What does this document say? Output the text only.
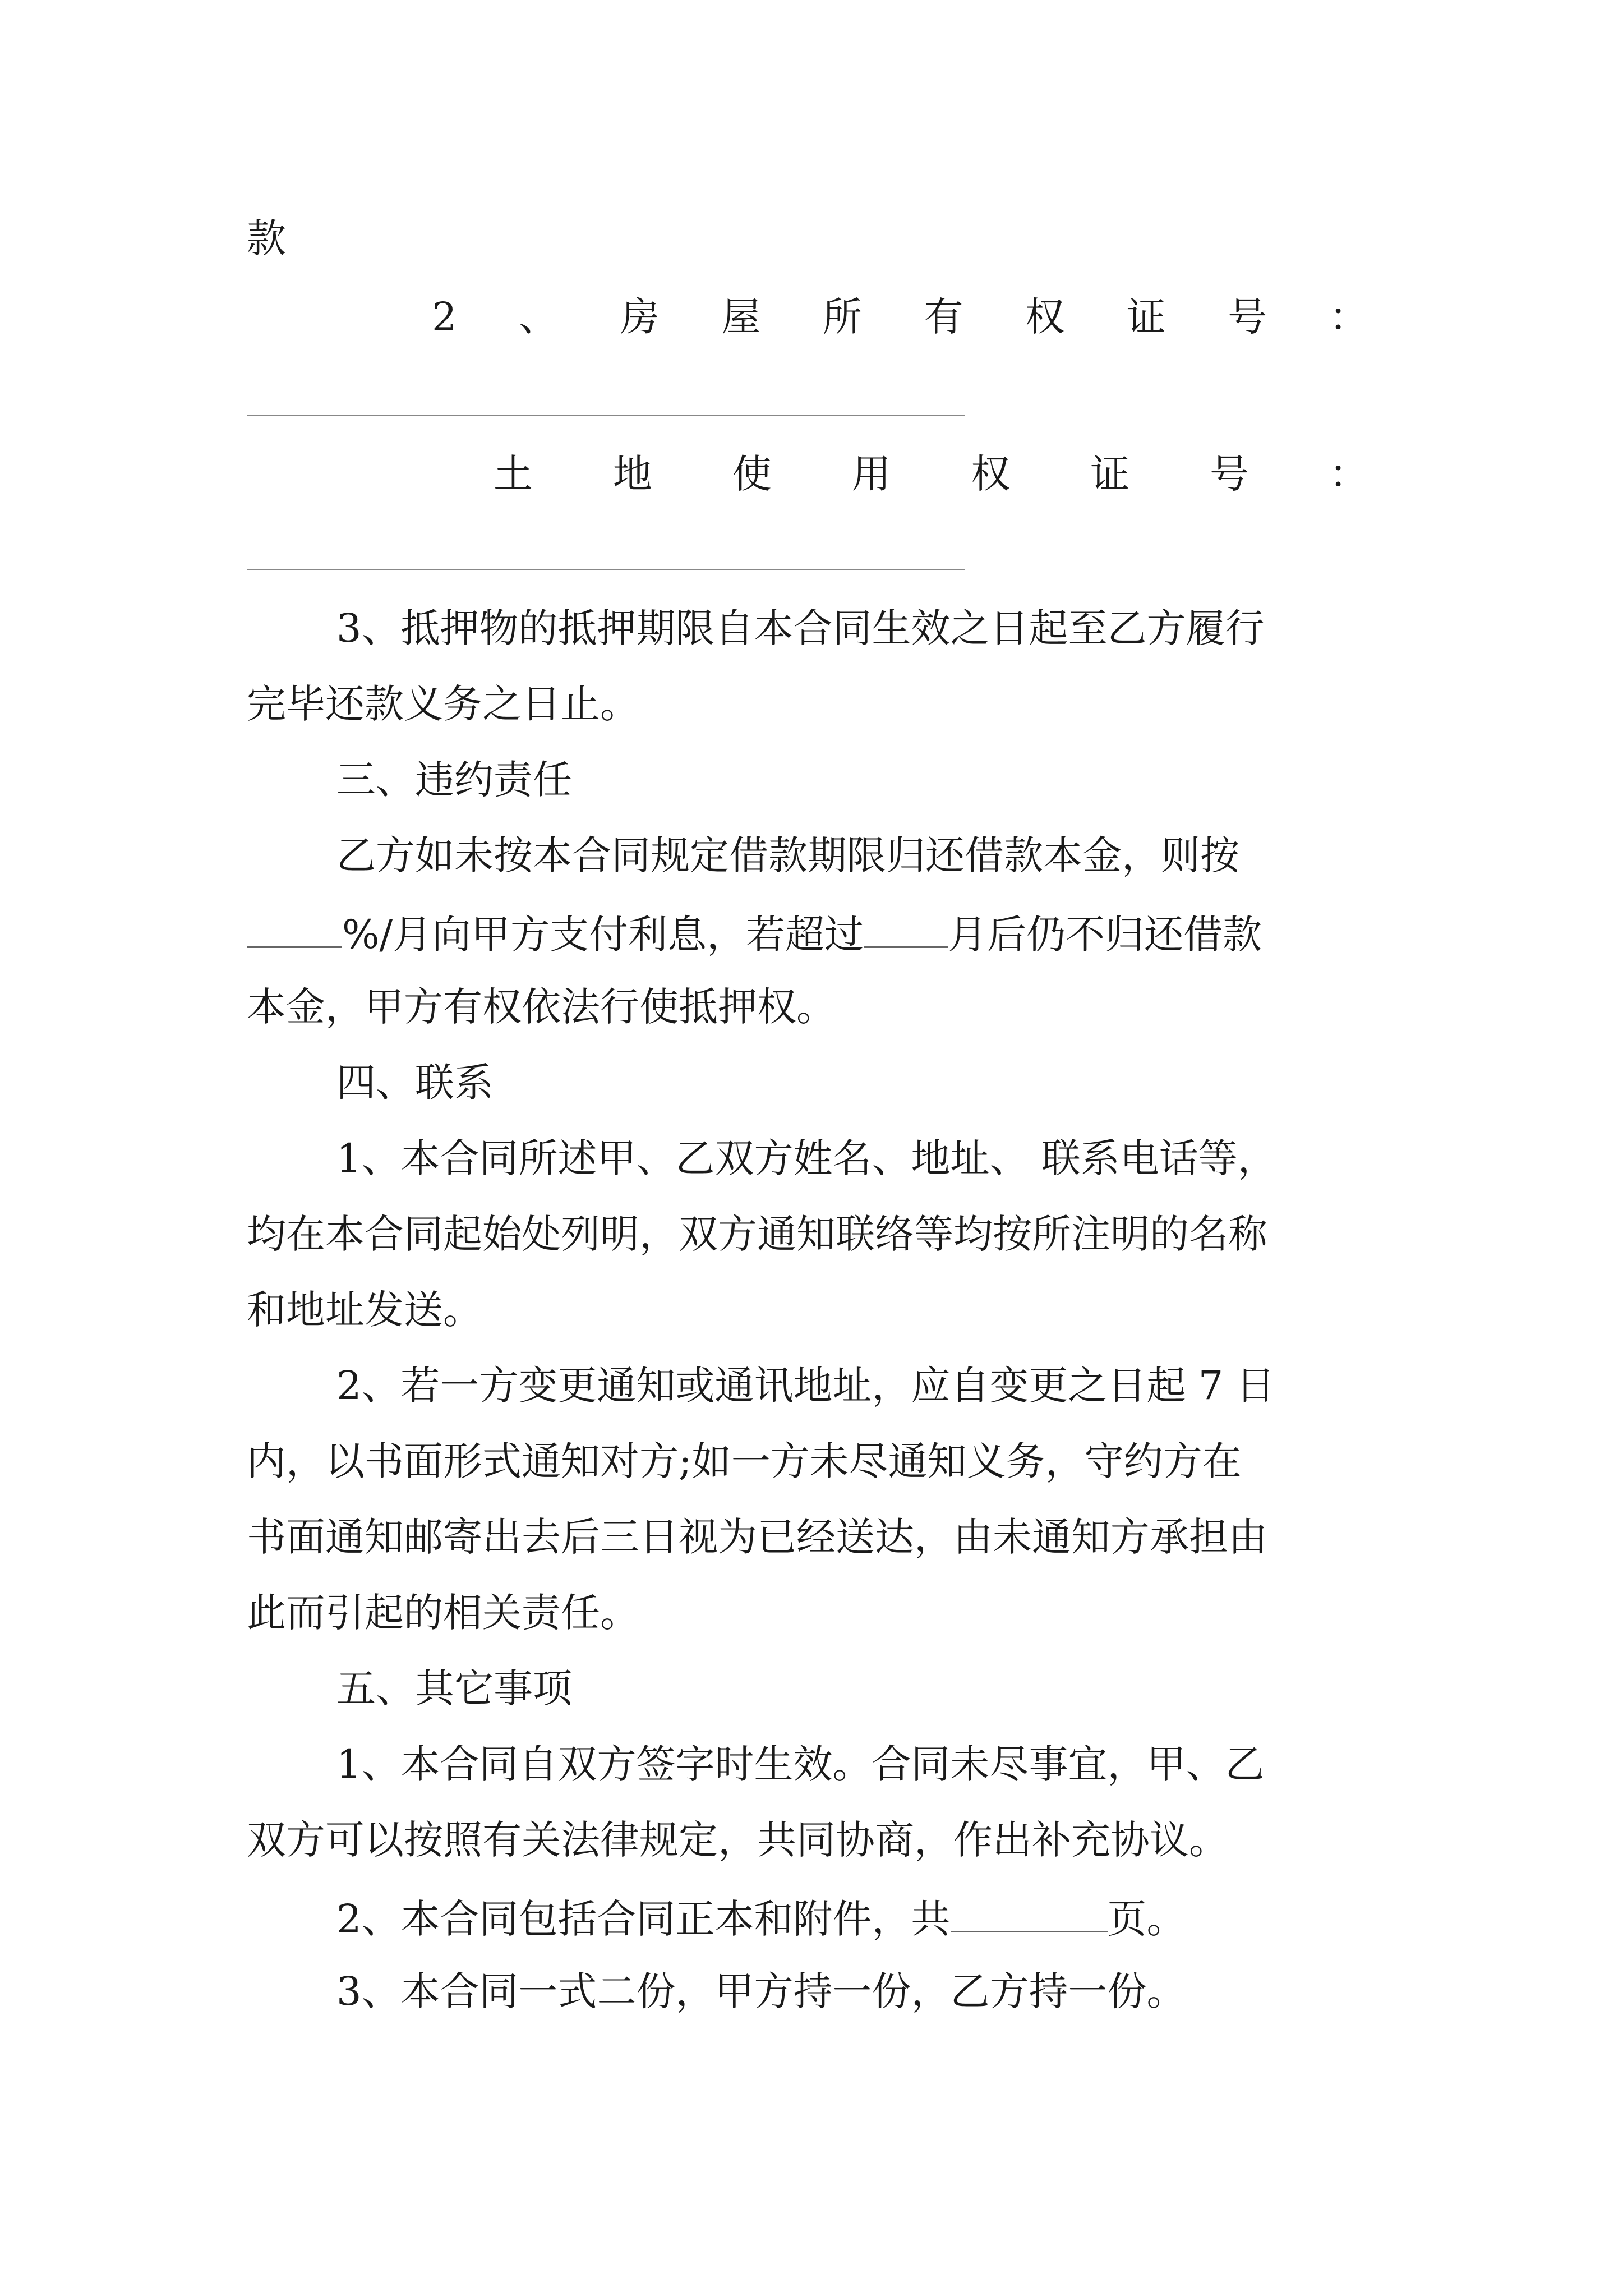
款
2 、 房 屋 所 有 权 证 号 ：
土 地 使 用 权 证 号 ：
3、抵押物的抵押期限自本合同生效之日起至乙方履行
完毕还款义务之日止。
三、违约责任
乙方如未按本合同规定借款期限归还借款本金，则按
%/月向甲方支付利息，若超过 月后仍不归还借款
本金，甲方有权依法行使抵押权。
四、联系
1、本合同所述甲、乙双方姓名、地址、 联系电话等，
均在本合同起始处列明，双方通知联络等均按所注明的名称
和地址发送。
2、若一方变更通知或通讯地址，应自变更之日起 7 日
内，以书面形式通知对方;如一方未尽通知义务，守约方在
书面通知邮寄出去后三日视为已经送达，由未通知方承担由
此而引起的相关责任。
五、其它事项
1、本合同自双方签字时生效。合同未尽事宜，甲、乙
双方可以按照有关法律规定，共同协商，作出补充协议。
2、本合同包括合同正本和附件，共	页。
3、本合同一式二份，甲方持一份，乙方持一份。
